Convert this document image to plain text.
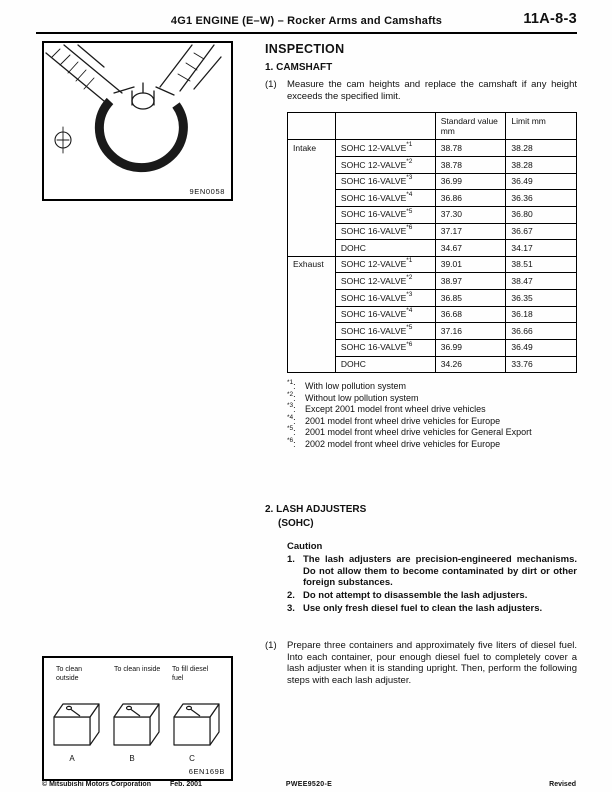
4G1 ENGINE (E–W) – Rocker Arms and Camshafts	11A-8-3
9EN0058
INSPECTION
1. CAMSHAFT
(1)	Measure the cam heights and replace the camshaft if any height exceeds the specified limit.
		Standard value mm	Limit mm
Intake	SOHC 12-VALVE$^{*1}$	38.78	38.28
	SOHC 12-VALVE$^{*2}$	38.78	38.28
	SOHC 16-VALVE$^{*3}$	36.99	36.49
	SOHC 16-VALVE$^{*4}$	36.86	36.36
	SOHC 16-VALVE$^{*5}$	37.30	36.80
	SOHC 16-VALVE$^{*6}$	37.17	36.67
	DOHC	34.67	34.17
Exhaust	SOHC 12-VALVE$^{*1}$	39.01	38.51
	SOHC 12-VALVE$^{*2}$	38.97	38.47
	SOHC 16-VALVE$^{*3}$	36.85	36.35
	SOHC 16-VALVE$^{*4}$	36.68	36.18
	SOHC 16-VALVE$^{*5}$	37.16	36.66
	SOHC 16-VALVE$^{*6}$	36.99	36.49
	DOHC	34.26	33.76
$^{*1}$:	With low pollution system
$^{*2}$:	Without low pollution system
$^{*3}$:	Except 2001 model front wheel drive vehicles
$^{*4}$:	2001 model front wheel drive vehicles for Europe
$^{*5}$:	2001 model front wheel drive vehicles for General Export
$^{*6}$:	2002 model front wheel drive vehicles for Europe
2. LASH ADJUSTERS
(SOHC)
Caution
1. The lash adjusters are precision-engineered mechanisms. Do not allow them to become contaminated by dirt or other foreign substances.
2. Do not attempt to disassemble the lash adjusters.
3. Use only fresh diesel fuel to clean the lash adjusters.
(1)	Prepare three containers and approximately five liters of diesel fuel. Into each container, pour enough diesel fuel to completely cover a lash adjuster when it is standing upright. Then, perform the following steps with each lash adjuster.
To clean outside
To clean inside To fill diesel fuel
A	B	C
6EN169B
© Mitsubishi Motors Corporation	Feb. 2001	PWEE9520-E	Revised
